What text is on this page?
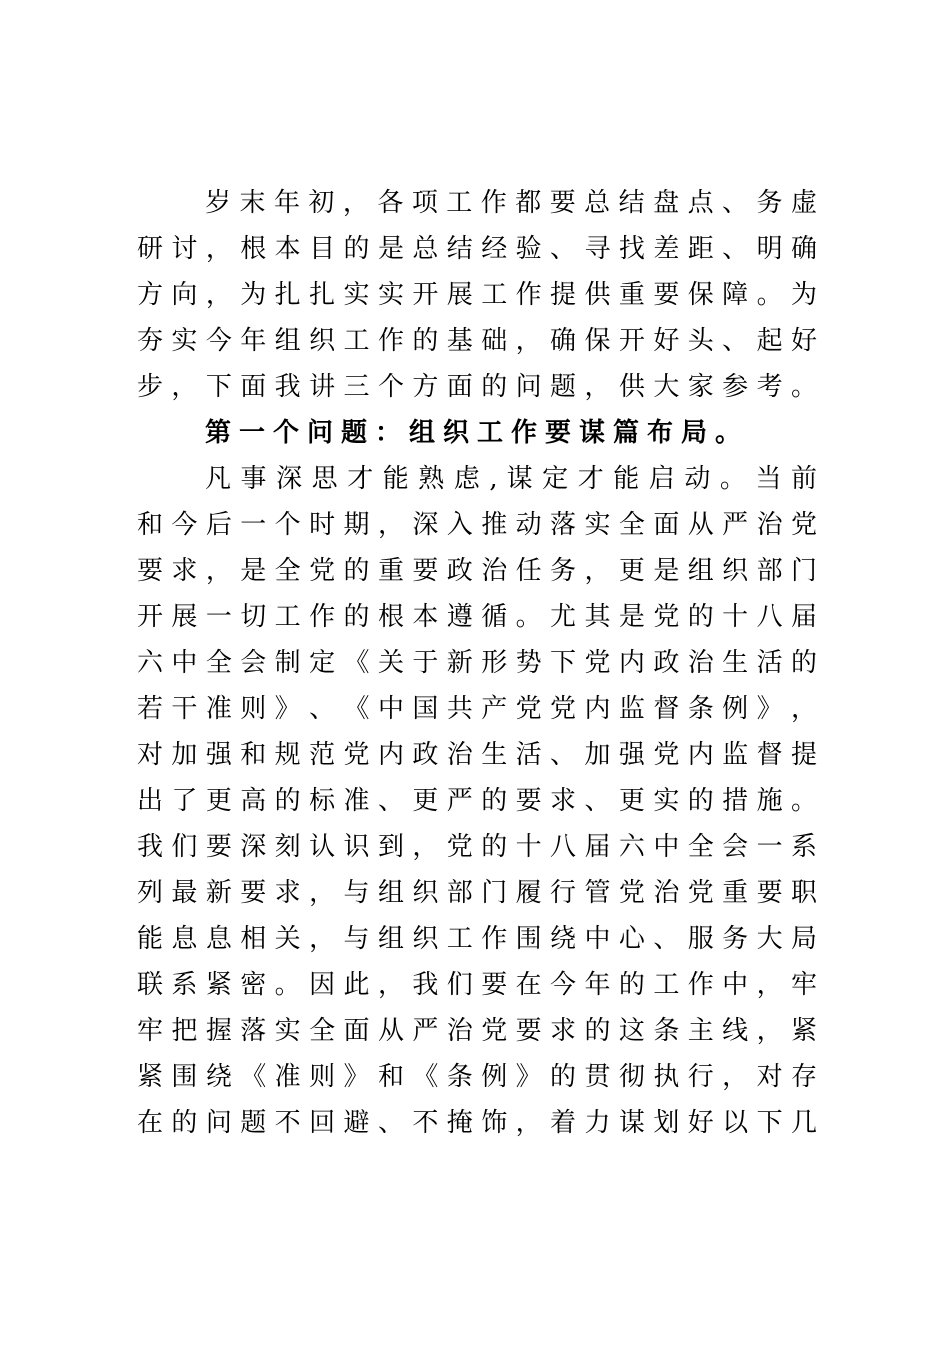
岁 末 年 初 ， 各 项 工 作 都 要 总 结 盘 点 、 务 虚
研 讨 ， 根 本 目 的 是 总 结 经 验 、 寻 找 差 距 、 明 确
方 向 ， 为 扎 扎 实 实 开 展 工 作 提 供 重 要 保 障 。 为
夯 实 今 年 组 织 工 作 的 基 础 ， 确 保 开 好 头 、 起 好
步 ， 下 面 我 讲 三 个 方 面 的 问 题 ， 供 大 家 参 考 。
第一个问题：组织工作要谋篇布局。
凡 事 深 思 才 能 熟 虑 , 谋 定 才 能 启 动 。 当 前
和 今 后 一 个 时 期 ， 深 入 推 动 落 实 全 面 从 严 治 党
要 求 ， 是 全 党 的 重 要 政 治 任 务 ， 更 是 组 织 部 门
开 展 一 切 工 作 的 根 本 遵 循 。 尤 其 是 党 的 十 八 届
六 中 全 会 制 定 《 关 于 新 形 势 下 党 内 政 治 生 活 的
若 干 准 则 》 、 《 中 国 共 产 党 党 内 监 督 条 例 》 ，
对 加 强 和 规 范 党 内 政 治 生 活 、 加 强 党 内 监 督 提
出 了 更 高 的 标 准 、 更 严 的 要 求 、 更 实 的 措 施 。
我 们 要 深 刻 认 识 到 ， 党 的 十 八 届 六 中 全 会 一 系
列 最 新 要 求 ， 与 组 织 部 门 履 行 管 党 治 党 重 要 职
能 息 息 相 关 ， 与 组 织 工 作 围 绕 中 心 、 服 务 大 局
联 系 紧 密 。 因 此 ， 我 们 要 在 今 年 的 工 作 中 ， 牢
牢 把 握 落 实 全 面 从 严 治 党 要 求 的 这 条 主 线 ， 紧
紧 围 绕 《 准 则 》 和 《 条 例 》 的 贯 彻 执 行 ， 对 存
在 的 问 题 不 回 避 、 不 掩 饰 ， 着 力 谋 划 好 以 下 几
